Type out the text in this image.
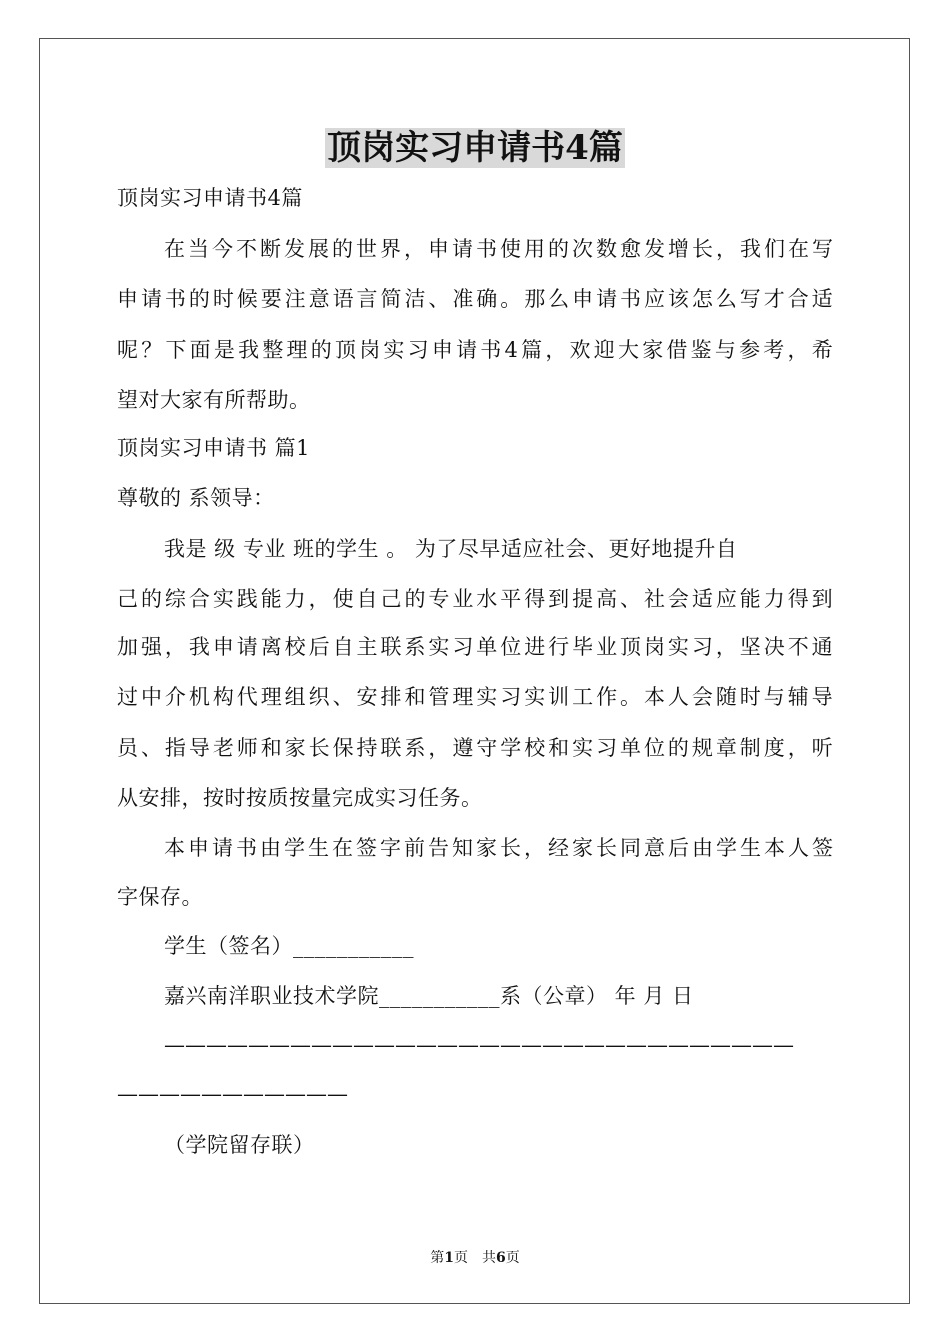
顶岗实习申请书4篇
顶岗实习申请书4篇
在 当 今 不 断 发 展 的 世 界 ， 申 请 书 使 用 的 次 数 愈 发 增 长 ， 我 们 在 写
申 请 书 的 时 候 要 注 意 语 言 简 洁 、 准 确 。 那 么 申 请 书 应 该 怎 么 写 才 合 适
呢 ？ 下 面 是 我 整 理 的 顶 岗 实 习 申 请 书 4 篇 ， 欢 迎 大 家 借 鉴 与 参 考 ， 希
望对大家有所帮助。
顶岗实习申请书 篇1
尊敬的 系领导：
我是 级 专业 班的学生 。 为了尽早适应社会、更好地提升自
己 的 综 合 实 践 能 力 ， 使 自 己 的 专 业 水 平 得 到 提 高 、 社 会 适 应 能 力 得 到
加 强 ， 我 申 请 离 校 后 自 主 联 系 实 习 单 位 进 行 毕 业 顶 岗 实 习 ， 坚 决 不 通
过 中 介 机 构 代 理 组 织 、 安 排 和 管 理 实 习 实 训 工 作 。 本 人 会 随 时 与 辅 导
员 、 指 导 老 师 和 家 长 保 持 联 系 ， 遵 守 学 校 和 实 习 单 位 的 规 章 制 度 ， 听
从安排，按时按质按量完成实习任务。
本 申 请 书 由 学 生 在 签 字 前 告 知 家 长 ， 经 家 长 同 意 后 由 学 生 本 人 签
字保存。
学生（签名）___________
嘉兴南洋职业技术学院___________系（公章） 年 月 日
——————————————————————————————
———————————
（学院留存联）
第1页　共6页
